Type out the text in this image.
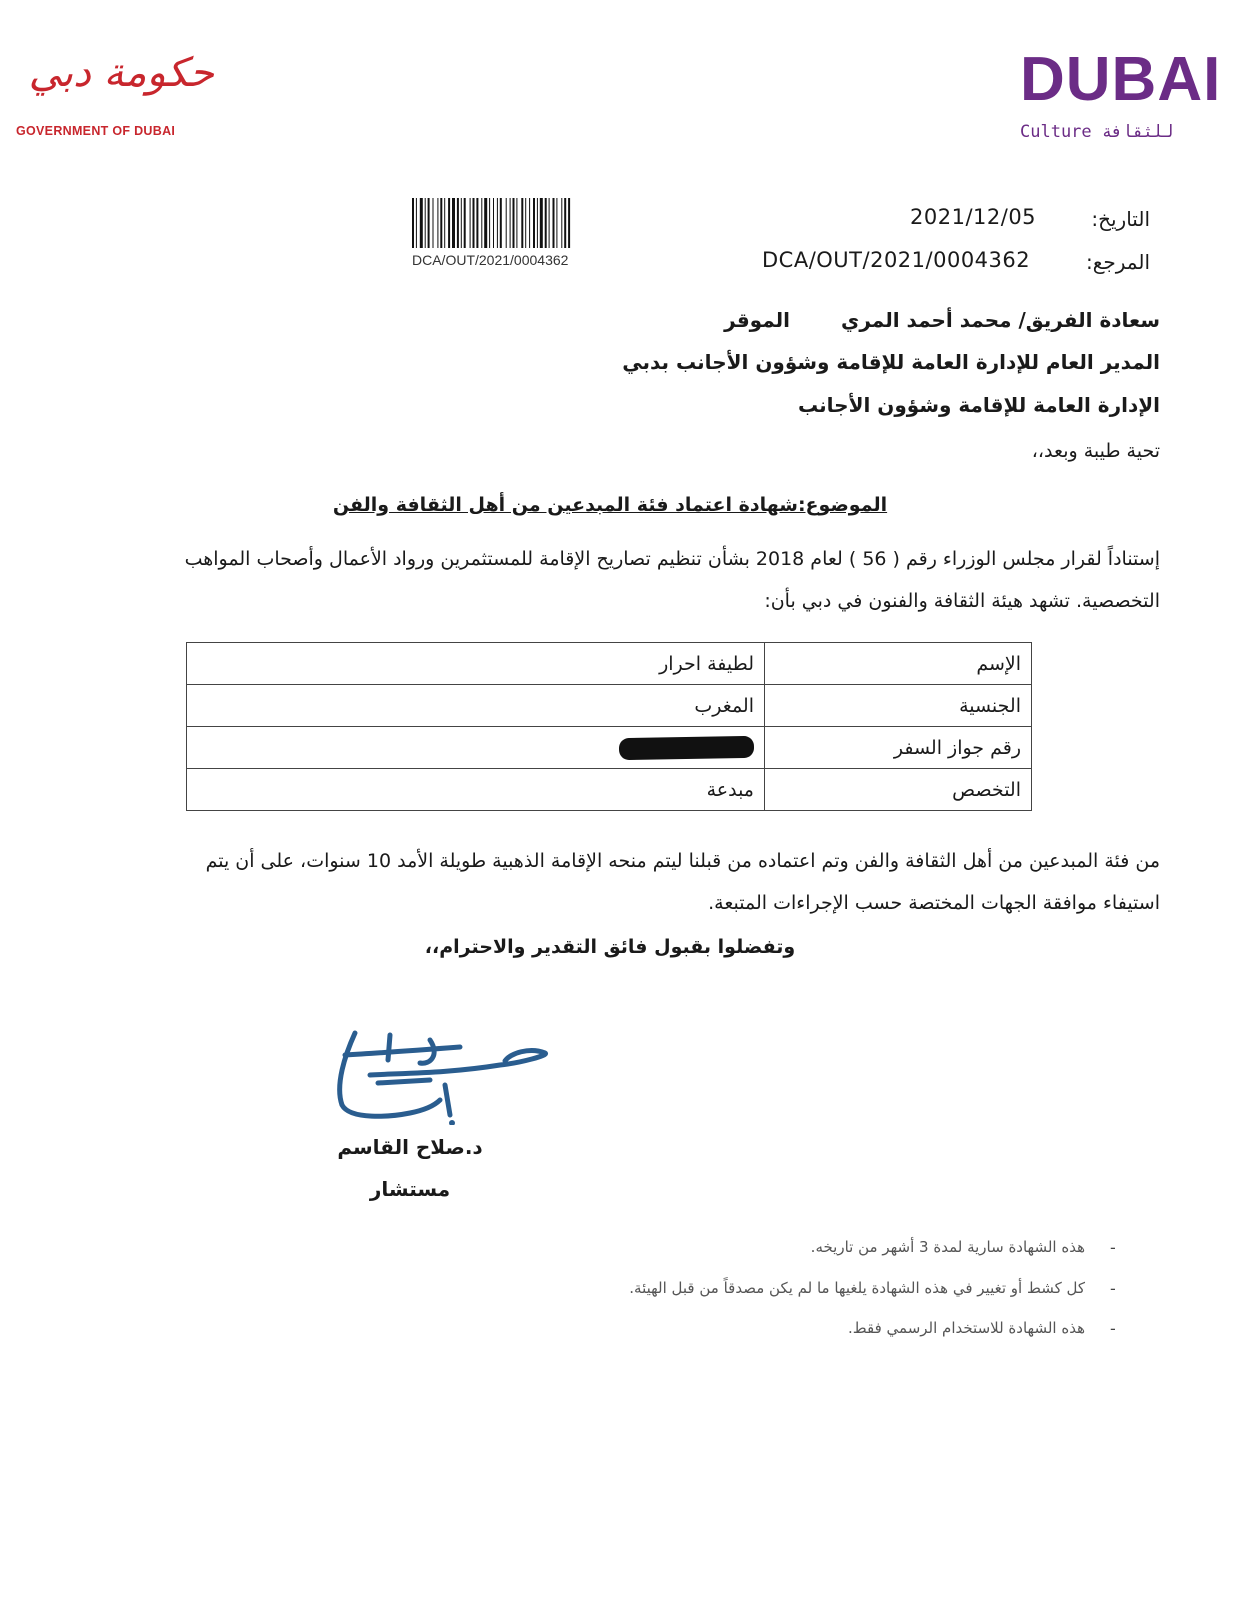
حكومة دبي
GOVERNMENT OF DUBAI
DUBAI
Culture للثقافة
DCA/OUT/2021/0004362
التاريخ:
2021/12/05
المرجع:
DCA/OUT/2021/0004362
سعادة الفريق/ محمد أحمد المري
الموقر
المدير العام للإدارة العامة للإقامة وشؤون الأجانب بدبي
الإدارة العامة للإقامة وشؤون الأجانب
تحية طيبة وبعد،،
الموضوع:شهادة اعتماد فئة المبدعين من أهل الثقافة والفن
إستناداً لقرار مجلس الوزراء رقم ( 56 ) لعام 2018 بشأن تنظيم تصاريح الإقامة للمستثمرين ورواد الأعمال وأصحاب المواهب
التخصصية. تشهد هيئة الثقافة والفنون في دبي بأن:
الإسم	لطيفة احرار
الجنسية	المغرب
رقم جواز السفر	
التخصص	مبدعة
من فئة المبدعين من أهل الثقافة والفن وتم اعتماده من قبلنا ليتم منحه الإقامة الذهبية طويلة الأمد 10 سنوات، على أن يتم
استيفاء موافقة الجهات المختصة حسب الإجراءات المتبعة.
وتفضلوا بقبول فائق التقدير والاحترام،،
د.صلاح القاسم
مستشار
-
هذه الشهادة سارية لمدة 3 أشهر من تاريخه.
-
كل كشط أو تغيير في هذه الشهادة يلغيها ما لم يكن مصدقاً من قبل الهيئة.
-
هذه الشهادة للاستخدام الرسمي فقط.
